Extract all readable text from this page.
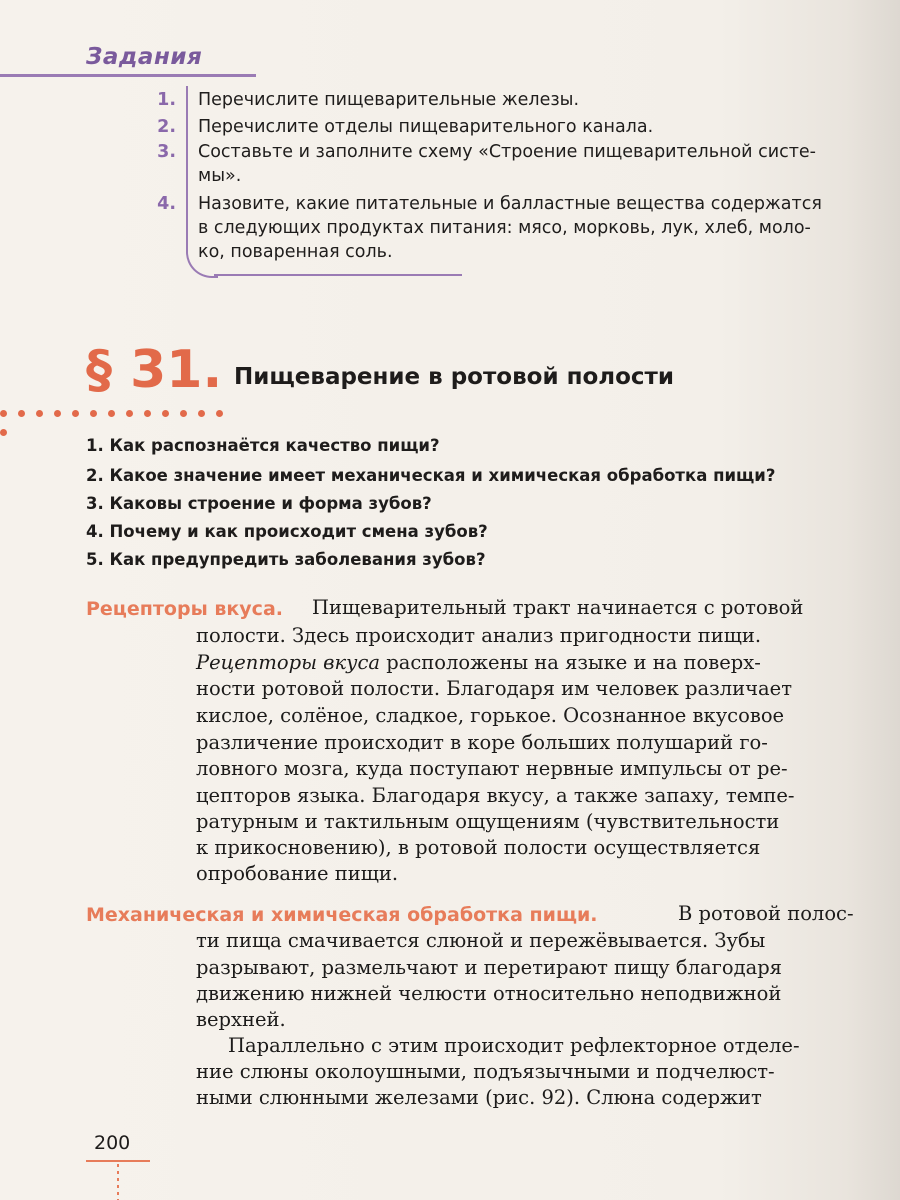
Задания
1. Перечислите пищеварительные железы.
2. Перечислите отделы пищеварительного канала.
3. Составьте и заполните схему «Строение пищеварительной систе-
мы».
4. Назовите, какие питательные и балластные вещества содержатся
в следующих продуктах питания: мясо, морковь, лук, хлеб, моло-
ко, поваренная соль.
§ 31. Пищеварение в ротовой полости
1. Как распознаётся качество пищи?
2. Какое значение имеет механическая и химическая обработка пищи?
3. Каковы строение и форма зубов?
4. Почему и как происходит смена зубов?
5. Как предупредить заболевания зубов?
Рецепторы вкуса. Пищеварительный тракт начинается с ротовой
полости. Здесь происходит анализ пригодности пищи.
Рецепторы вкуса расположены на языке и на поверх-
ности ротовой полости. Благодаря им человек различает
кислое, солёное, сладкое, горькое. Осознанное вкусовое
различение происходит в коре больших полушарий го-
ловного мозга, куда поступают нервные импульсы от ре-
цепторов языка. Благодаря вкусу, а также запаху, темпе-
ратурным и тактильным ощущениям (чувствительности
к прикосновению), в ротовой полости осуществляется
опробование пищи.
Механическая и химическая обработка пищи.	В ротовой полос-
ти пища смачивается слюной и пережёвывается. Зубы
разрывают, размельчают и перетирают пищу благодаря
движению нижней челюсти относительно неподвижной
верхней.
Параллельно с этим происходит рефлекторное отделе-
ние слюны околоушными, подъязычными и подчелюст-
ными слюнными железами (рис. 92). Слюна содержит
200
